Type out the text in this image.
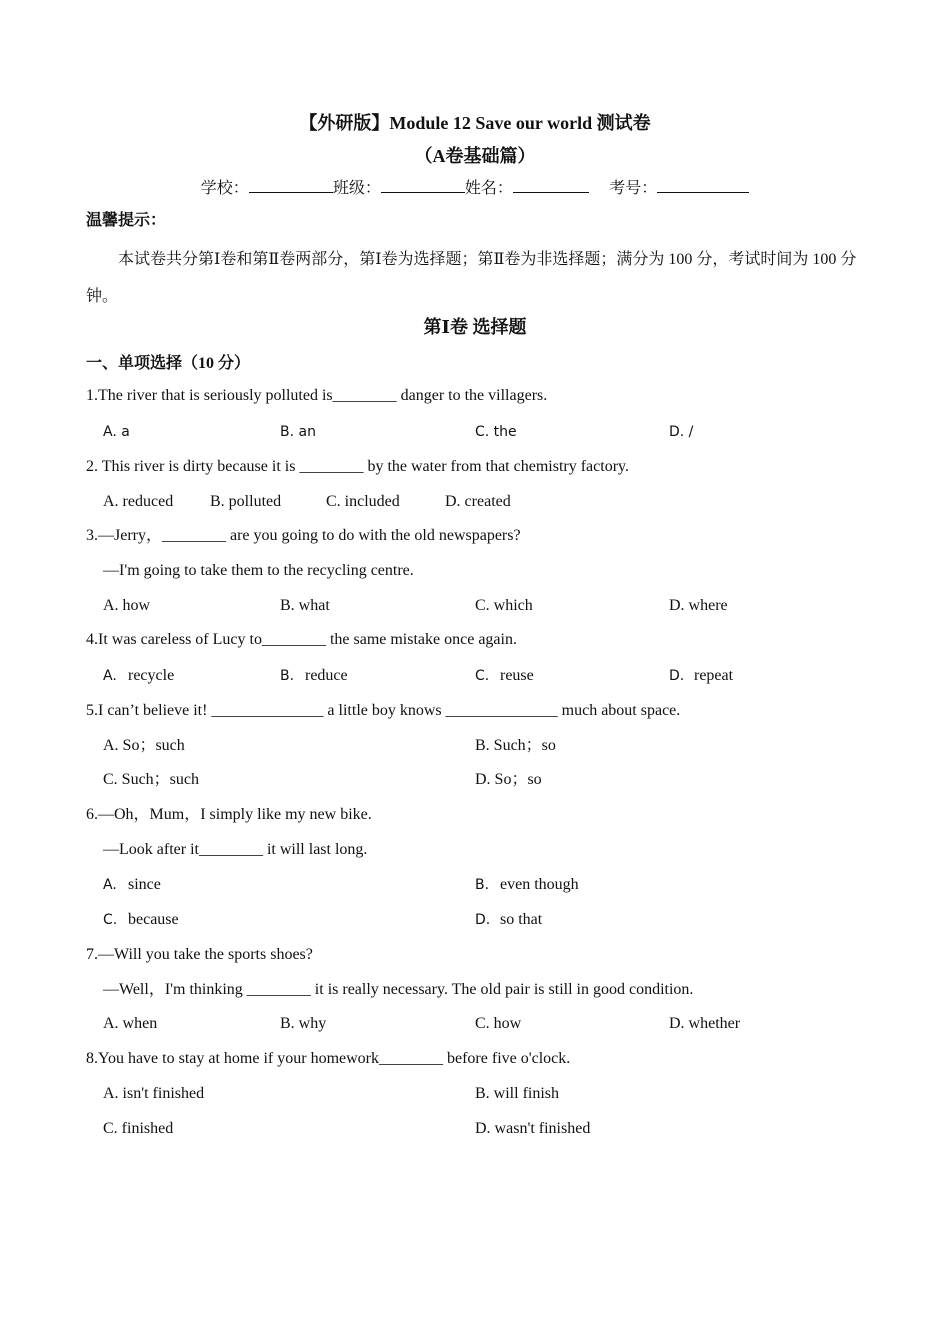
【外研版】Module 12 Save our world 测试卷
（A卷基础篇）
学校：	班级：	姓名：	考号：
温馨提示：
本试卷共分第Ⅰ卷和第Ⅱ卷两部分，第Ⅰ卷为选择题；第Ⅱ卷为非选择题；满分为 100 分，考试时间为 100 分钟。
第Ⅰ卷 选择题
一、单项选择（10 分）
1.The river that is seriously polluted is________ danger to the villagers.
A. a	B. an	C. the	D. /
2. This river is dirty because it is ________ by the water from that chemistry factory.
A. reduced B. polluted	C. included	D. created
3.—Jerry，________ are you going to do with the old newspapers?
—I'm going to take them to the recycling centre.
A. how	B. what	C. which	D. where
4.It was careless of Lucy to________ the same mistake once again.
A. recycle	B. reduce	C. reuse	D. repeat
5.I can’t believe it! ______________ a little boy knows ______________ much about space.
A. So；such	B. Such；so
C. Such；such	D. So；so
6.—Oh，Mum，I simply like my new bike.
—Look after it________ it will last long.
A. since	B. even though
C. because	D. so that
7.—Will you take the sports shoes?
—Well，I'm thinking ________ it is really necessary. The old pair is still in good condition.
A. when	B. why	C. how	D. whether
8.You have to stay at home if your homework________ before five o'clock.
A. isn't finished	B. will finish
C. finished	D. wasn't finished
